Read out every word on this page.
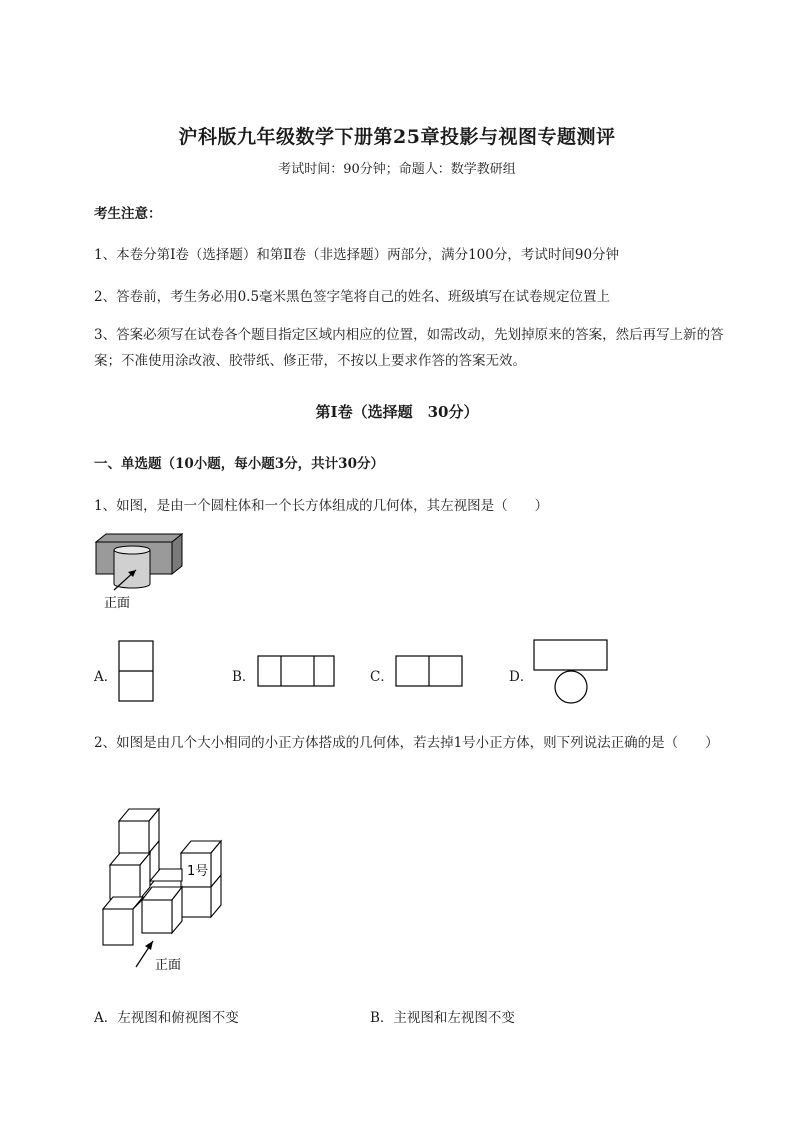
沪科版九年级数学下册第25章投影与视图专题测评
考试时间：90分钟；命题人：数学教研组
考生注意：
1、本卷分第I卷（选择题）和第Ⅱ卷（非选择题）两部分，满分100分，考试时间90分钟
2、答卷前，考生务必用0.5毫米黑色签字笔将自己的姓名、班级填写在试卷规定位置上
3、答案必须写在试卷各个题目指定区域内相应的位置，如需改动，先划掉原来的答案，然后再写上新的答案；不准使用涂改液、胶带纸、修正带，不按以上要求作答的答案无效。
第I卷（选择题　30分）
一、单选题（10小题，每小题3分，共计30分）
1、如图，是由一个圆柱体和一个长方体组成的几何体，其左视图是（　　）
正面
A．	B．	C．	D．
2、如图是由几个大小相同的小正方体搭成的几何体，若去掉1号小正方体，则下列说法正确的是（　　）
1号
正面
A．左视图和俯视图不变	B．主视图和左视图不变
